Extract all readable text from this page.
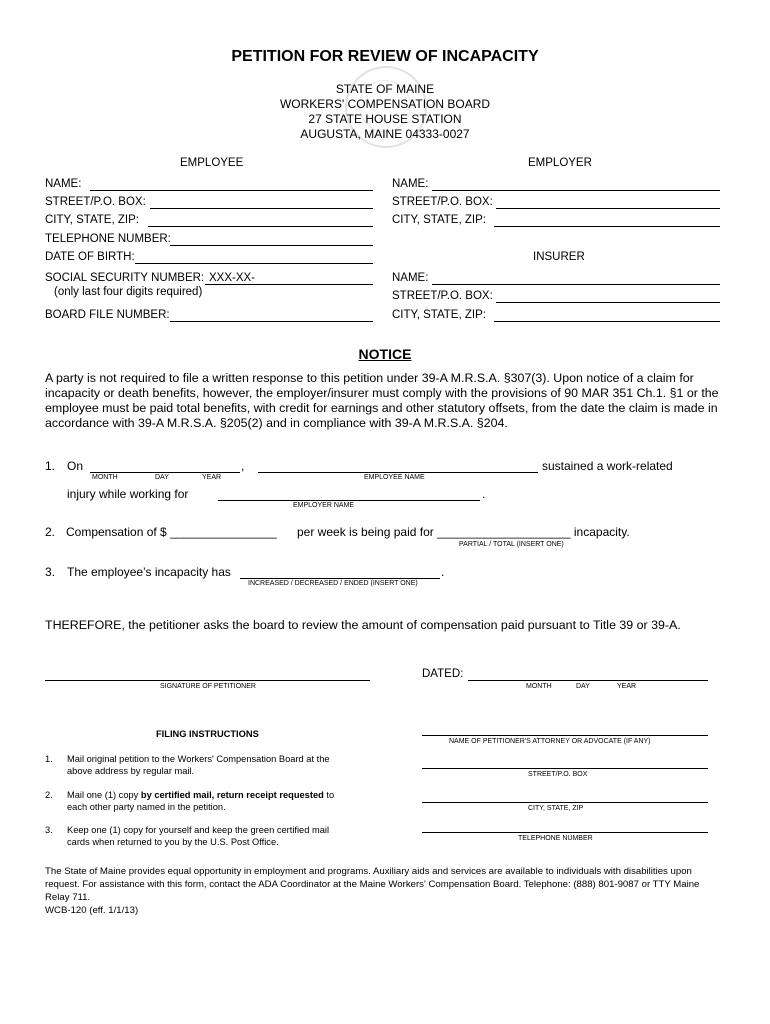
PETITION FOR REVIEW OF INCAPACITY
STATE OF MAINE
WORKERS' COMPENSATION BOARD
27 STATE HOUSE STATION
AUGUSTA, MAINE 04333-0027
EMPLOYEE
NAME:
STREET/P.O. BOX:
CITY, STATE, ZIP:
TELEPHONE NUMBER:
DATE OF BIRTH:
SOCIAL SECURITY NUMBER: XXX-XX-
(only last four digits required)
BOARD FILE NUMBER:
EMPLOYER
NAME:
STREET/P.O. BOX:
CITY, STATE, ZIP:
INSURER
NAME:
STREET/P.O. BOX:
CITY, STATE, ZIP:
NOTICE
A party is not required to file a written response to this petition under 39-A M.R.S.A. §307(3). Upon notice of a claim for incapacity or death benefits, however, the employer/insurer must comply with the provisions of 90 MAR 351 Ch.1. §1 or the employee must be paid total benefits, with credit for earnings and other statutory offsets, from the date the claim is made in accordance with 39-A M.R.S.A. §205(2) and in compliance with 39-A M.R.S.A. §204.
1. On	,	sustained a work-related
MONTH	DAY	YEAR	EMPLOYEE NAME
injury while working for	.
EMPLOYER NAME
2. Compensation of $ ________________ per week is being paid for ____________________ incapacity.
PARTIAL / TOTAL (INSERT ONE)
3. The employee’s incapacity has	.
INCREASED / DECREASED / ENDED (INSERT ONE)
THEREFORE, the petitioner asks the board to review the amount of compensation paid pursuant to Title 39 or 39-A.
SIGNATURE OF PETITIONER
DATED:
MONTH	DAY	YEAR
FILING INSTRUCTIONS
1. Mail original petition to the Workers' Compensation Board at the
above address by regular mail.
2. Mail one (1) copy by certified mail, return receipt requested to
each other party named in the petition.
3. Keep one (1) copy for yourself and keep the green certified mail
cards when returned to you by the U.S. Post Office.
NAME OF PETITIONER'S ATTORNEY OR ADVOCATE (IF ANY)
STREET/P.O. BOX
CITY, STATE, ZIP
TELEPHONE NUMBER
The State of Maine provides equal opportunity in employment and programs. Auxiliary aids and services are available to individuals with disabilities upon
request. For assistance with this form, contact the ADA Coordinator at the Maine Workers' Compensation Board. Telephone: (888) 801-9087 or TTY Maine
Relay 711.
WCB-120 (eff. 1/1/13)
